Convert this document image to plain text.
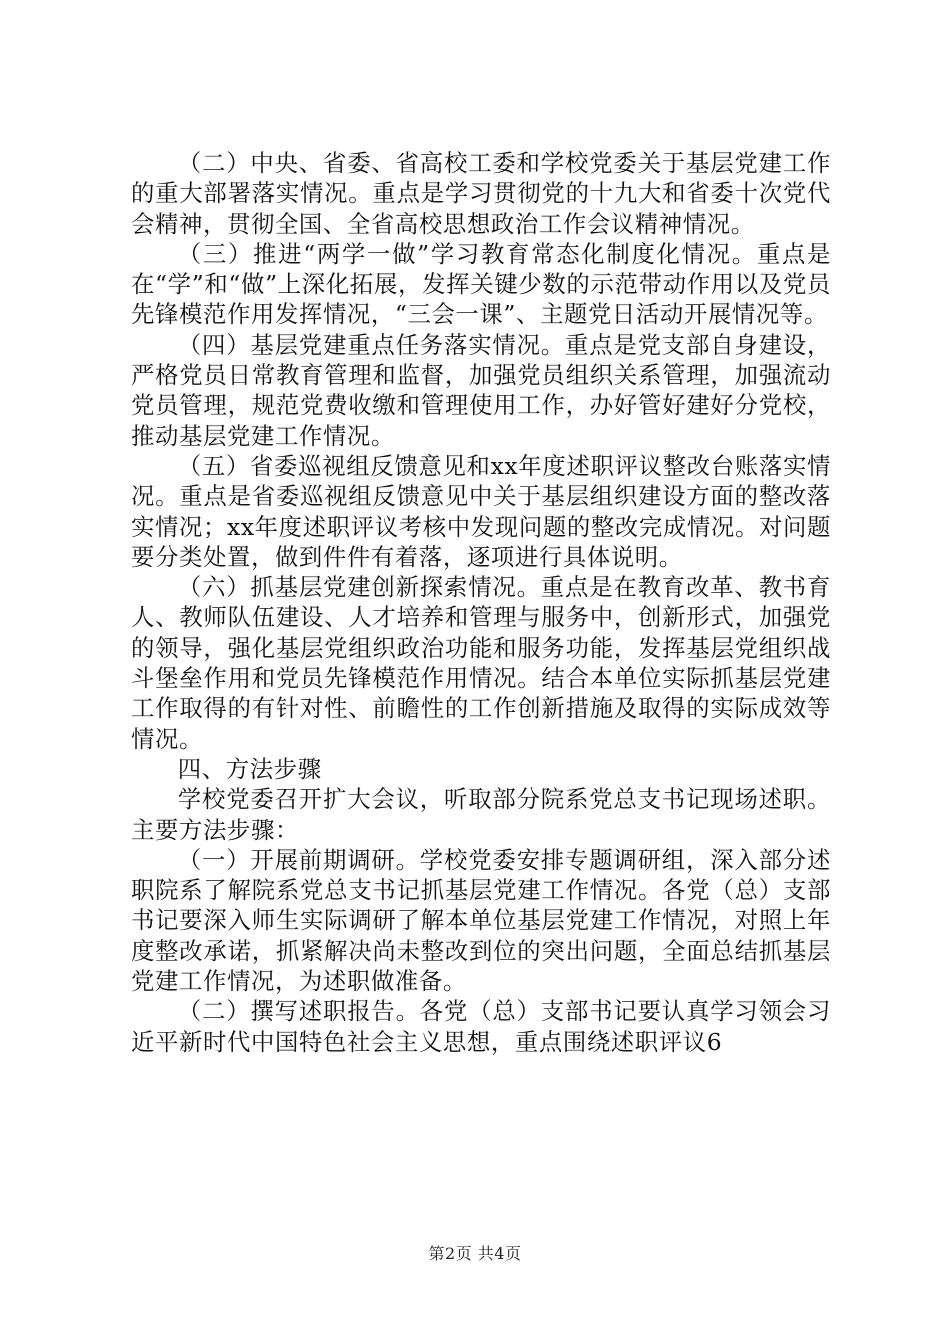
（二）中央、省委、省高校工委和学校党委关于基层党建工作的重大部署落实情况。重点是学习贯彻党的十九大和省委十次党代会精神，贯彻全国、全省高校思想政治工作会议精神情况。

（三）推进“两学一做”学习教育常态化制度化情况。重点是在“学”和“做”上深化拓展，发挥关键少数的示范带动作用以及党员先锋模范作用发挥情况，“三会一课”、主题党日活动开展情况等。

（四）基层党建重点任务落实情况。重点是党支部自身建设，严格党员日常教育管理和监督，加强党员组织关系管理，加强流动党员管理，规范党费收缴和管理使用工作，办好管好建好分党校，推动基层党建工作情况。

（五）省委巡视组反馈意见和xx年度述职评议整改台账落实情况。重点是省委巡视组反馈意见中关于基层组织建设方面的整改落实情况；xx年度述职评议考核中发现问题的整改完成情况。对问题要分类处置，做到件件有着落，逐项进行具体说明。

（六）抓基层党建创新探索情况。重点是在教育改革、教书育人、教师队伍建设、人才培养和管理与服务中，创新形式，加强党的领导，强化基层党组织政治功能和服务功能，发挥基层党组织战斗堡垒作用和党员先锋模范作用情况。结合本单位实际抓基层党建工作取得的有针对性、前瞻性的工作创新措施及取得的实际成效等情况。

四、方法步骤

学校党委召开扩大会议，听取部分院系党总支书记现场述职。主要方法步骤：

（一）开展前期调研。学校党委安排专题调研组，深入部分述职院系了解院系党总支书记抓基层党建工作情况。各党（总）支部书记要深入师生实际调研了解本单位基层党建工作情况，对照上年度整改承诺，抓紧解决尚未整改到位的突出问题，全面总结抓基层党建工作情况，为述职做准备。

（二）撰写述职报告。各党（总）支部书记要认真学习领会习近平新时代中国特色社会主义思想，重点围绕述职评议6

第2页 共4页
